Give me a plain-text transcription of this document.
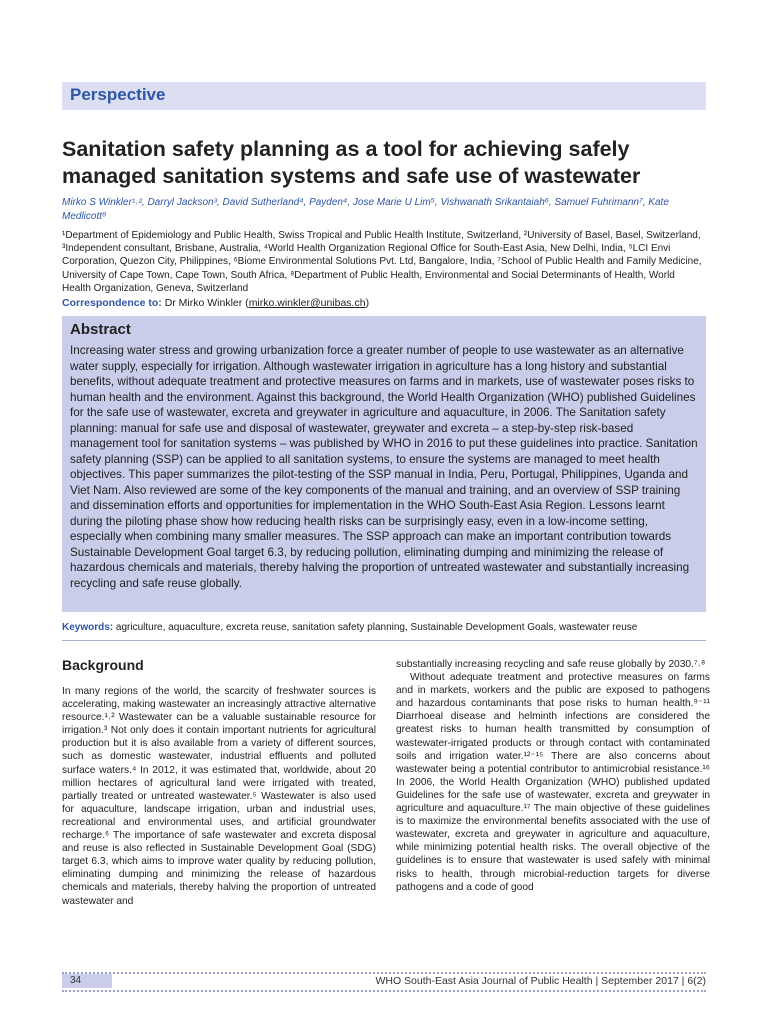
Perspective
Sanitation safety planning as a tool for achieving safely managed sanitation systems and safe use of wastewater
Mirko S Winkler¹˒², Darryl Jackson³, David Sutherland⁴, Payden⁴, Jose Marie U Lim⁵, Vishwanath Srikantaiah⁶, Samuel Fuhrimann⁷, Kate Medlicott⁸
¹Department of Epidemiology and Public Health, Swiss Tropical and Public Health Institute, Switzerland, ²University of Basel, Basel, Switzerland, ³Independent consultant, Brisbane, Australia, ⁴World Health Organization Regional Office for South-East Asia, New Delhi, India, ⁵LCI Envi Corporation, Quezon City, Philippines, ⁶Biome Environmental Solutions Pvt. Ltd, Bangalore, India, ⁷School of Public Health and Family Medicine, University of Cape Town, Cape Town, South Africa, ⁸Department of Public Health, Environmental and Social Determinants of Health, World Health Organization, Geneva, Switzerland
Correspondence to: Dr Mirko Winkler (mirko.winkler@unibas.ch)
Abstract
Increasing water stress and growing urbanization force a greater number of people to use wastewater as an alternative water supply, especially for irrigation. Although wastewater irrigation in agriculture has a long history and substantial benefits, without adequate treatment and protective measures on farms and in markets, use of wastewater poses risks to human health and the environment. Against this background, the World Health Organization (WHO) published Guidelines for the safe use of wastewater, excreta and greywater in agriculture and aquaculture, in 2006. The Sanitation safety planning: manual for safe use and disposal of wastewater, greywater and excreta – a step-by-step risk-based management tool for sanitation systems – was published by WHO in 2016 to put these guidelines into practice. Sanitation safety planning (SSP) can be applied to all sanitation systems, to ensure the systems are managed to meet health objectives. This paper summarizes the pilot-testing of the SSP manual in India, Peru, Portugal, Philippines, Uganda and Viet Nam. Also reviewed are some of the key components of the manual and training, and an overview of SSP training and dissemination efforts and opportunities for implementation in the WHO South-East Asia Region. Lessons learnt during the piloting phase show how reducing health risks can be surprisingly easy, even in a low-income setting, especially when combining many smaller measures. The SSP approach can make an important contribution towards Sustainable Development Goal target 6.3, by reducing pollution, eliminating dumping and minimizing the release of hazardous chemicals and materials, thereby halving the proportion of untreated wastewater and substantially increasing recycling and safe reuse globally.
Keywords: agriculture, aquaculture, excreta reuse, sanitation safety planning, Sustainable Development Goals, wastewater reuse
Background

In many regions of the world, the scarcity of freshwater sources is accelerating, making wastewater an increasingly attractive alternative resource.¹˒² Wastewater can be a valuable sustainable resource for irrigation.³ Not only does it contain important nutrients for agricultural production but it is also available from a variety of different sources, such as domestic wastewater, industrial effluents and polluted surface waters.⁴ In 2012, it was estimated that, worldwide, about 20 million hectares of agricultural land were irrigated with treated, partially treated or untreated wastewater.⁵ Wastewater is also used for aquaculture, landscape irrigation, urban and industrial uses, recreational and environmental uses, and artificial groundwater recharge.⁶ The importance of safe wastewater and excreta disposal and reuse is also reflected in Sustainable Development Goal (SDG) target 6.3, which aims to improve water quality by reducing pollution, eliminating dumping and minimizing the release of hazardous chemicals and materials, thereby halving the proportion of untreated wastewater and

substantially increasing recycling and safe reuse globally by 2030.⁷˒⁸

Without adequate treatment and protective measures on farms and in markets, workers and the public are exposed to pathogens and hazardous contaminants that pose risks to human health.⁹⁻¹¹ Diarrhoeal disease and helminth infections are considered the greatest risks to human health transmitted by consumption of wastewater-irrigated products or through contact with contaminated soils and irrigation water.¹²⁻¹⁵ There are also concerns about wastewater being a potential contributor to antimicrobial resistance.¹⁶ In 2006, the World Health Organization (WHO) published updated Guidelines for the safe use of wastewater, excreta and greywater in agriculture and aquaculture.¹⁷ The main objective of these guidelines is to maximize the environmental benefits associated with the use of wastewater, excreta and greywater in agriculture and aquaculture, while minimizing potential health risks. The overall objective of the guidelines is to ensure that wastewater is used safely with minimal risks to health, through microbial-reduction targets for diverse pathogens and a code of good

34	WHO South-East Asia Journal of Public Health | September 2017 | 6(2)
